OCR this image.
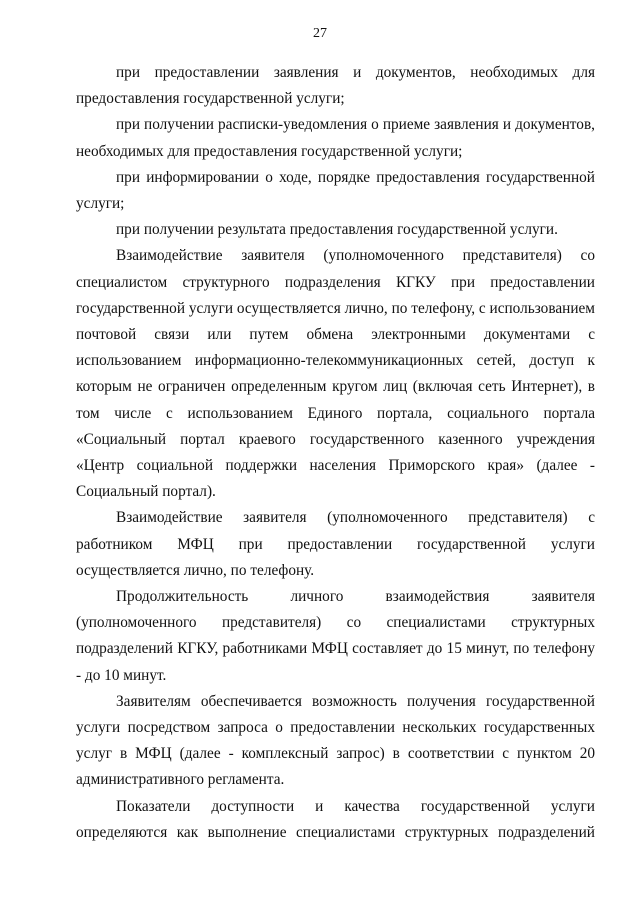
27

при предоставлении заявления и документов, необходимых для предоставления государственной услуги;

при получении расписки-уведомления о приеме заявления и документов, необходимых для предоставления государственной услуги;

при информировании о ходе, порядке предоставления государственной услуги;

при получении результата предоставления государственной услуги.

Взаимодействие заявителя (уполномоченного представителя) со специалистом структурного подразделения КГКУ при предоставлении государственной услуги осуществляется лично, по телефону, с использованием почтовой связи или путем обмена электронными документами с использованием информационно-телекоммуникационных сетей, доступ к которым не ограничен определенным кругом лиц (включая сеть Интернет), в том числе с использованием Единого портала, социального портала «Социальный портал краевого государственного казенного учреждения «Центр социальной поддержки населения Приморского края» (далее - Социальный портал).

Взаимодействие заявителя (уполномоченного представителя) с работником МФЦ при предоставлении государственной услуги осуществляется лично, по телефону.

Продолжительность личного взаимодействия заявителя (уполномоченного представителя) со специалистами структурных подразделений КГКУ, работниками МФЦ составляет до 15 минут, по телефону - до 10 минут.

Заявителям обеспечивается возможность получения государственной услуги посредством запроса о предоставлении нескольких государственных услуг в МФЦ (далее - комплексный запрос) в соответствии с пунктом 20 административного регламента.

Показатели доступности и качества государственной услуги определяются как выполнение специалистами структурных подразделений
